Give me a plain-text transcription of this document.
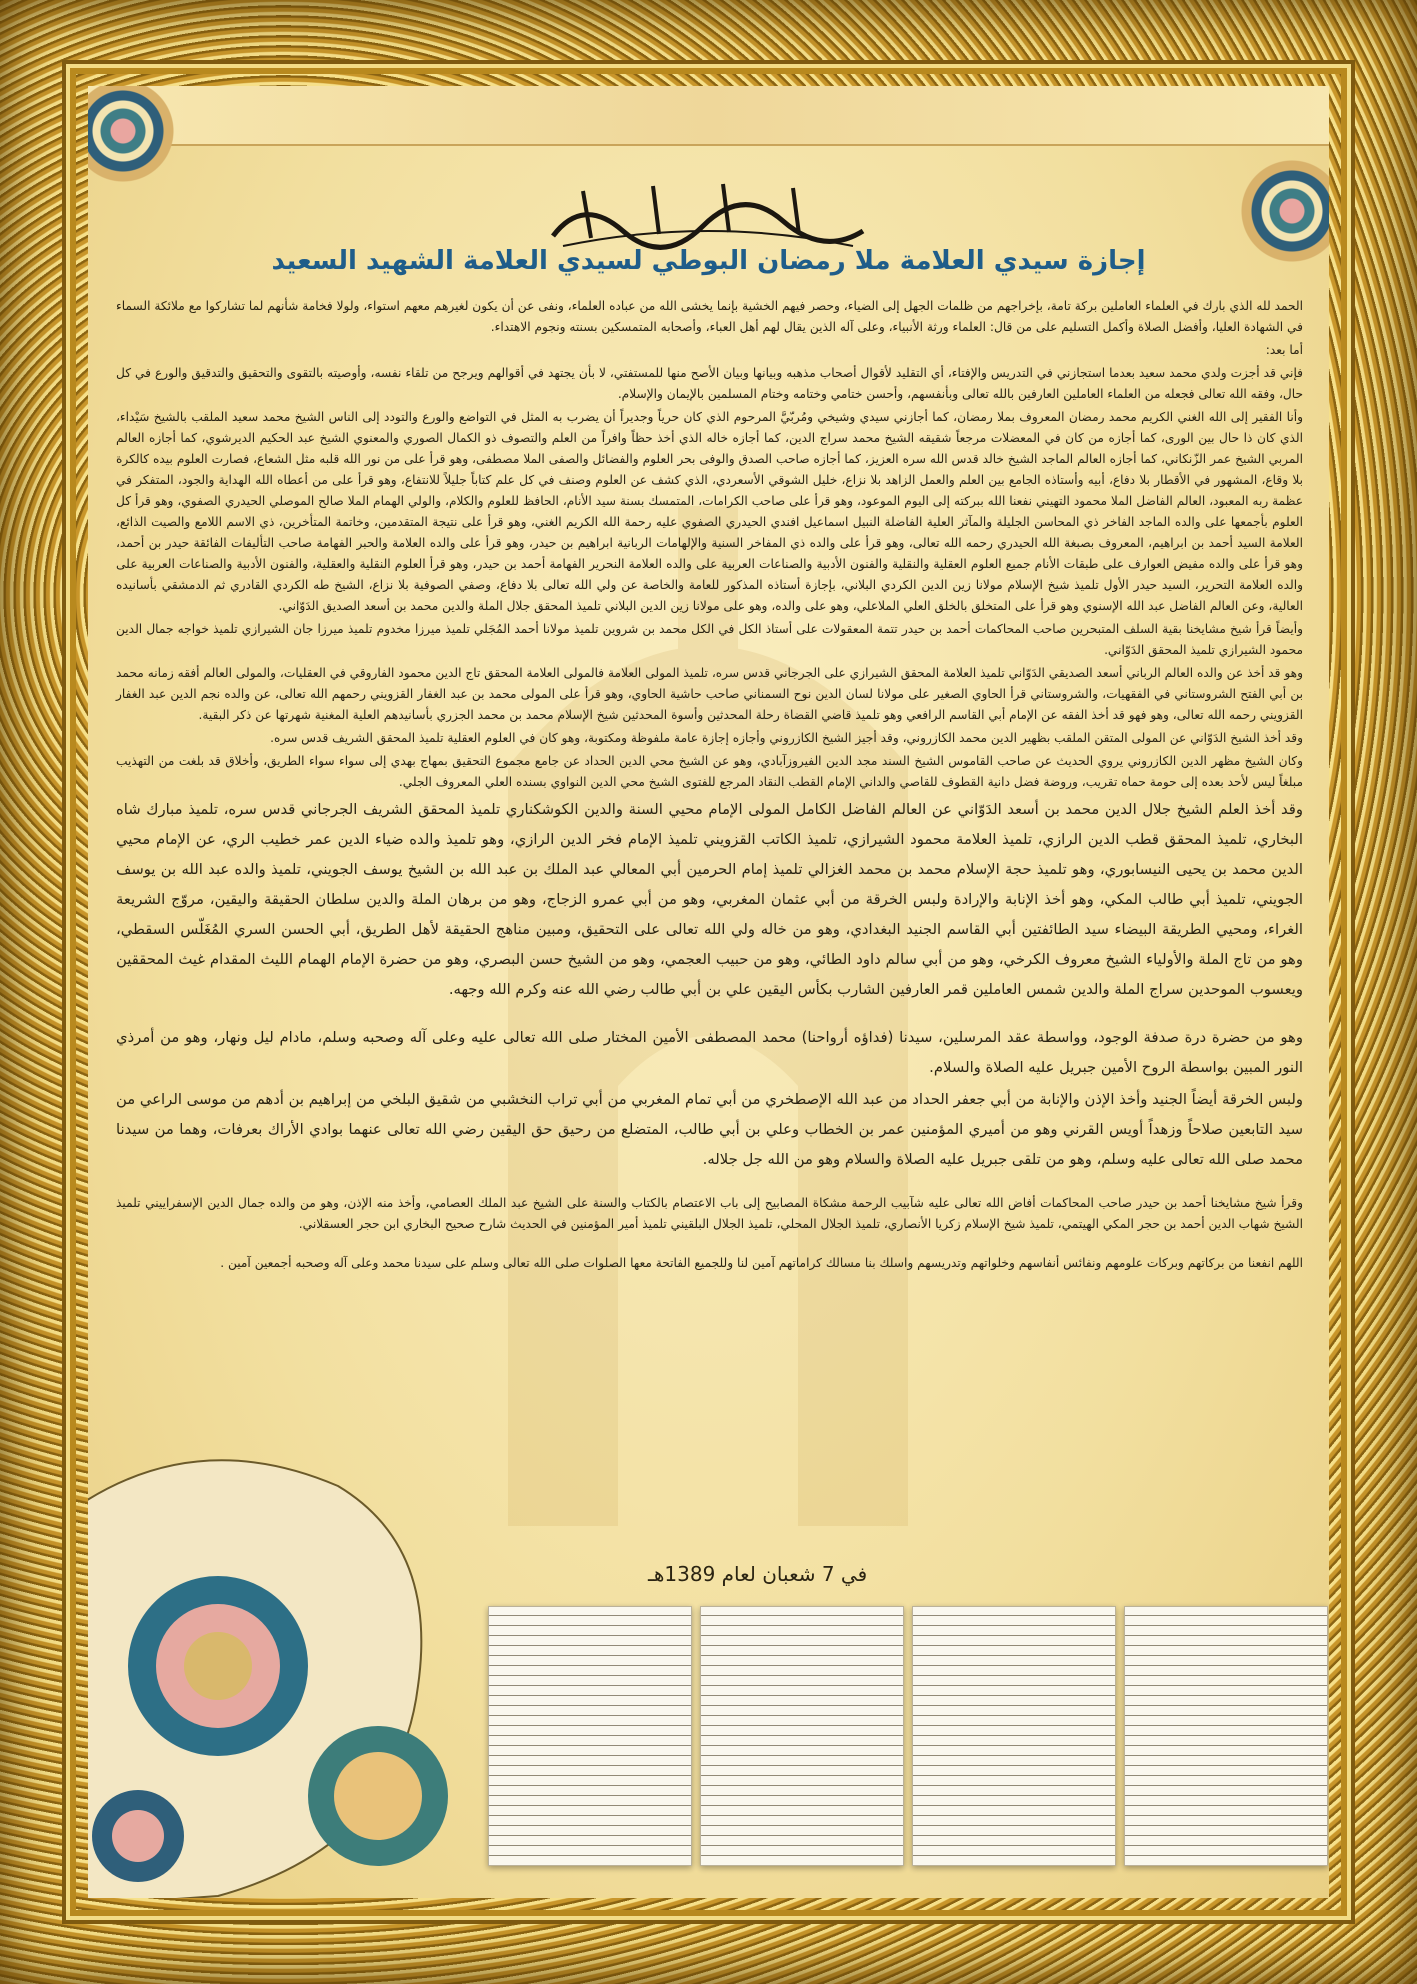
إجازة سيدي العلامة ملا رمضان البوطي لسيدي العلامة الشهيد السعيد

الحمد لله الذي بارك في العلماء العاملين بركة تامة، بإخراجهم من ظلمات الجهل إلى الضياء، وحصر فيهم الخشية بإنما يخشى الله من عباده العلماء، ونفى عن أن يكون لغيرهم معهم استواء، ولولا فخامة شأنهم لما تشاركوا مع ملائكة السماء في الشهادة العليا، وأفضل الصلاة وأكمل التسليم على من قال: العلماء ورثة الأنبياء، وعلى آله الذين يقال لهم أهل العباء، وأصحابه المتمسكين بسنته ونجوم الاهتداء.

أما بعد:

فإني قد أجزت ولدي محمد سعيد بعدما استجازني في التدريس والإفتاء، أي التقليد لأقوال أصحاب مذهبه وبيانها وبيان الأصح منها للمستفتي، لا بأن يجتهد في أقوالهم ويرجح من تلقاء نفسه، وأوصيته بالتقوى والتحقيق والتدقيق والورع في كل حال، وفقه الله تعالى فجعله من العلماء العاملين العارفين بالله تعالى وبأنفسهم، وأحسن ختامي وختامه وختام المسلمين بالإيمان والإسلام.

وأنا الفقير إلى الله الغني الكريم محمد رمضان المعروف بملا رمضان، كما أجازني سيدي وشيخي ومُربّيَّ المرحوم الذي كان حرياً وجديراً أن يضرب به المثل في التواضع والورع والتودد إلى الناس الشيخ محمد سعيد الملقب بالشيخ سَيْداء، الذي كان ذا حال بين الورى، كما أجازه من كان في المعضلات مرجعاً شقيقه الشيخ محمد سراج الدين، كما أجازه خاله الذي أخذ حظاً وافراً من العلم والتصوف ذو الكمال الصوري والمعنوي الشيخ عبد الحكيم الديرشوي، كما أجازه العالم المربي الشيخ عمر الزّنكاني، كما أجازه العالم الماجد الشيخ خالد قدس الله سره العزيز، كما أجازه صاحب الصدق والوفى بحر العلوم والفضائل والصفى الملا مصطفى، وهو قرأ على من نور الله قلبه مثل الشعاع، فصارت العلوم بيده كالكرة بلا وقاع، المشهور في الأقطار بلا دفاع، أبيه وأستاذه الجامع بين العلم والعمل الزاهد بلا نزاع، خليل الشوقي الأسعردي، الذي كشف عن العلوم وصنف في كل علم كتاباً جليلاً للانتفاع، وهو قرأ على من أعطاه الله الهداية والجود، المتفكر في عظمة ربه المعبود، العالم الفاضل الملا محمود التهيني نفعنا الله ببركته إلى اليوم الموعود، وهو قرأ على صاحب الكرامات، المتمسك بسنة سيد الأنام، الحافظ للعلوم والكلام، والولي الهمام الملا صالح الموصلي الحيدري الصفوي، وهو قرأ كل العلوم بأجمعها على والده الماجد الفاخر ذي المحاسن الجليلة والمآثر العلية الفاضلة النبيل اسماعيل افندي الحيدري الصفوي عليه رحمة الله الكريم الغني، وهو قرأ على نتيجة المتقدمين، وخاتمة المتأخرين، ذي الاسم اللامع والصيت الذائع، العلامة السيد أحمد بن ابراهيم، المعروف بصبغة الله الحيدري رحمه الله تعالى، وهو قرأ على والده ذي المفاخر السنية والإلهامات الربانية ابراهيم بن حيدر، وهو قرأ على والده العلامة والحبر الفهامة صاحب التأليفات الفائقة حيدر بن أحمد، وهو قرأ على والده مفيض العوارف على طبقات الأنام جميع العلوم العقلية والنقلية والفنون الأدبية والصناعات العربية على والده العلامة النحرير الفهامة أحمد بن حيدر، وهو قرأ العلوم النقلية والعقلية، والفنون الأدبية والصناعات العربية على والده العلامة التحرير، السيد حيدر الأول تلميذ شيخ الإسلام مولانا زين الدين الكردي البلاني، بإجازة أستاذه المذكور للعامة والخاصة عن ولي الله تعالى بلا دفاع، وصفي الصوفية بلا نزاع، الشيخ طه الكردي القادري ثم الدمشقي بأسانيده العالية، وعن العالم الفاضل عبد الله الإسنوي وهو قرأ على المتخلق بالخلق العلي الملاعلي، وهو على والده، وهو على مولانا زين الدين البلاني تلميذ المحقق جلال الملة والدين محمد بن أسعد الصديق الدَوّاني.

وأيضاً قرأ شيخ مشايخنا بقية السلف المتبحرين صاحب المحاكمات أحمد بن حيدر تتمة المعقولات على أستاذ الكل في الكل محمد بن شروين تلميذ مولانا أحمد المُجَلي تلميذ ميرزا مخدوم تلميذ ميرزا جان الشيرازي تلميذ خواجه جمال الدين محمود الشيرازي تلميذ المحقق الدَوّاني.

وهو قد أخذ عن والده العالم الرباني أسعد الصديقي الدَوّاني تلميذ العلامة المحقق الشيرازي على الجرجاني قدس سره، تلميذ المولى العلامة فالمولى العلامة المحقق تاج الدين محمود الفاروقي في العقليات، والمولى العالم أفقه زمانه محمد بن أبي الفتح الشروستاني في الفقهيات، والشروستاني قرأ الحاوي الصغير على مولانا لسان الدين نوح السمناني صاحب حاشية الحاوي، وهو قرأ على المولى محمد بن عبد الغفار القزويني رحمهم الله تعالى، عن والده نجم الدين عبد الغفار القزويني رحمه الله تعالى، وهو فهو قد أخذ الفقه عن الإمام أبي القاسم الرافعي وهو تلميذ قاضي القضاة رحلة المحدثين وأسوة المحدثين شيخ الإسلام محمد بن محمد الجزري بأسانيدهم العلية المغنية شهرتها عن ذكر البقية.

وقد أخذ الشيخ الدَوّاني عن المولى المتقن الملقب بظهير الدين محمد الكازروني، وقد أجيز الشيخ الكازروني وأجازه إجازة عامة ملفوظة ومكتوبة، وهو كان في العلوم العقلية تلميذ المحقق الشريف قدس سره.

وكان الشيخ مظهر الدين الكازروني يروي الحديث عن صاحب القاموس الشيخ السند مجد الدين الفيروزآبادي، وهو عن الشيخ محي الدين الحداد عن جامع مجموع التحقيق بمهاج بهدي إلى سواء سواء الطريق، وأخلاق قد بلغت من التهذيب مبلغاً ليس لأحد بعده إلى حومة حماه تقريب، وروضة فضل دانية القطوف للقاصي والداني الإمام القطب النقاد المرجع للفتوى الشيخ محي الدين النواوي بسنده العلي المعروف الجلي.

وقد أخذ العلم الشيخ جلال الدين محمد بن أسعد الدَوّاني عن العالم الفاضل الكامل المولى الإمام محيي السنة والدين الكوشكناري تلميذ المحقق الشريف الجرجاني قدس سره، تلميذ مبارك شاه البخاري، تلميذ المحقق قطب الدين الرازي، تلميذ العلامة محمود الشيرازي، تلميذ الكاتب القزويني تلميذ الإمام فخر الدين الرازي، وهو تلميذ والده ضياء الدين عمر خطيب الري، عن الإمام محيي الدين محمد بن يحيى النيسابوري، وهو تلميذ حجة الإسلام محمد بن محمد الغزالي تلميذ إمام الحرمين أبي المعالي عبد الملك بن عبد الله بن الشيخ يوسف الجويني، تلميذ والده عبد الله بن يوسف الجويني، تلميذ أبي طالب المكي، وهو أخذ الإنابة والإرادة ولبس الخرقة من أبي عثمان المغربي، وهو من أبي عمرو الزجاج، وهو من برهان الملة والدين سلطان الحقيقة واليقين، مروّج الشريعة الغراء، ومحيي الطريقة البيضاء سيد الطائفتين أبي القاسم الجنيد البغدادي، وهو من خاله ولي الله تعالى على التحقيق، ومبين مناهج الحقيقة لأهل الطريق، أبي الحسن السري المُغَلّس السقطي، وهو من تاج الملة والأولياء الشيخ معروف الكرخي، وهو من أبي سالم داود الطائي، وهو من حبيب العجمي، وهو من الشيخ حسن البصري، وهو من حضرة الإمام الهمام الليث المقدام غيث المحققين ويعسوب الموحدين سراج الملة والدين شمس العاملين قمر العارفين الشارب بكأس اليقين علي بن أبي طالب رضي الله عنه وكرم الله وجهه.

وهو من حضرة درة صدفة الوجود، وواسطة عقد المرسلين، سيدنا (فداؤه أرواحنا) محمد المصطفى الأمين المختار صلى الله تعالى عليه وعلى آله وصحبه وسلم، مادام ليل ونهار، وهو من أمرذي النور المبين بواسطة الروح الأمين جبريل عليه الصلاة والسلام.

ولبس الخرقة أيضاً الجنيد وأخذ الإذن والإنابة من أبي جعفر الحداد من عبد الله الإصطخري من أبي تمام المغربي من أبي تراب النخشبي من شقيق البلخي من إبراهيم بن أدهم من موسى الراعي من سيد التابعين صلاحاً وزهداً أويس القرني وهو من أميري المؤمنين عمر بن الخطاب وعلي بن أبي طالب، المتضلع من رحيق حق اليقين رضي الله تعالى عنهما بوادي الأراك بعرفات، وهما من سيدنا محمد صلى الله تعالى عليه وسلم، وهو من تلقى جبريل عليه الصلاة والسلام وهو من الله جل جلاله.

وقرأ شيخ مشايخنا أحمد بن حيدر صاحب المحاكمات أفاض الله تعالى عليه شآبيب الرحمة مشكاة المصابيح إلى باب الاعتصام بالكتاب والسنة على الشيخ عبد الملك العصامي، وأخذ منه الإذن، وهو من والده جمال الدين الإسفراييني تلميذ الشيخ شهاب الدين أحمد بن حجر المكي الهيتمي، تلميذ شيخ الإسلام زكريا الأنصاري، تلميذ الجلال المحلي، تلميذ الجلال البلقيني تلميذ أمير المؤمنين في الحديث شارح صحيح البخاري ابن حجر العسقلاني.

اللهم انفعنا من بركاتهم وبركات علومهم ونفائس أنفاسهم وخلواتهم وتدريسهم واسلك بنا مسالك كراماتهم آمين لنا وللجميع الفاتحة معها الصلوات صلى الله تعالى وسلم على سيدنا محمد وعلى آله وصحبه أجمعين آمين .

في 7 شعبان لعام 1389هـ
